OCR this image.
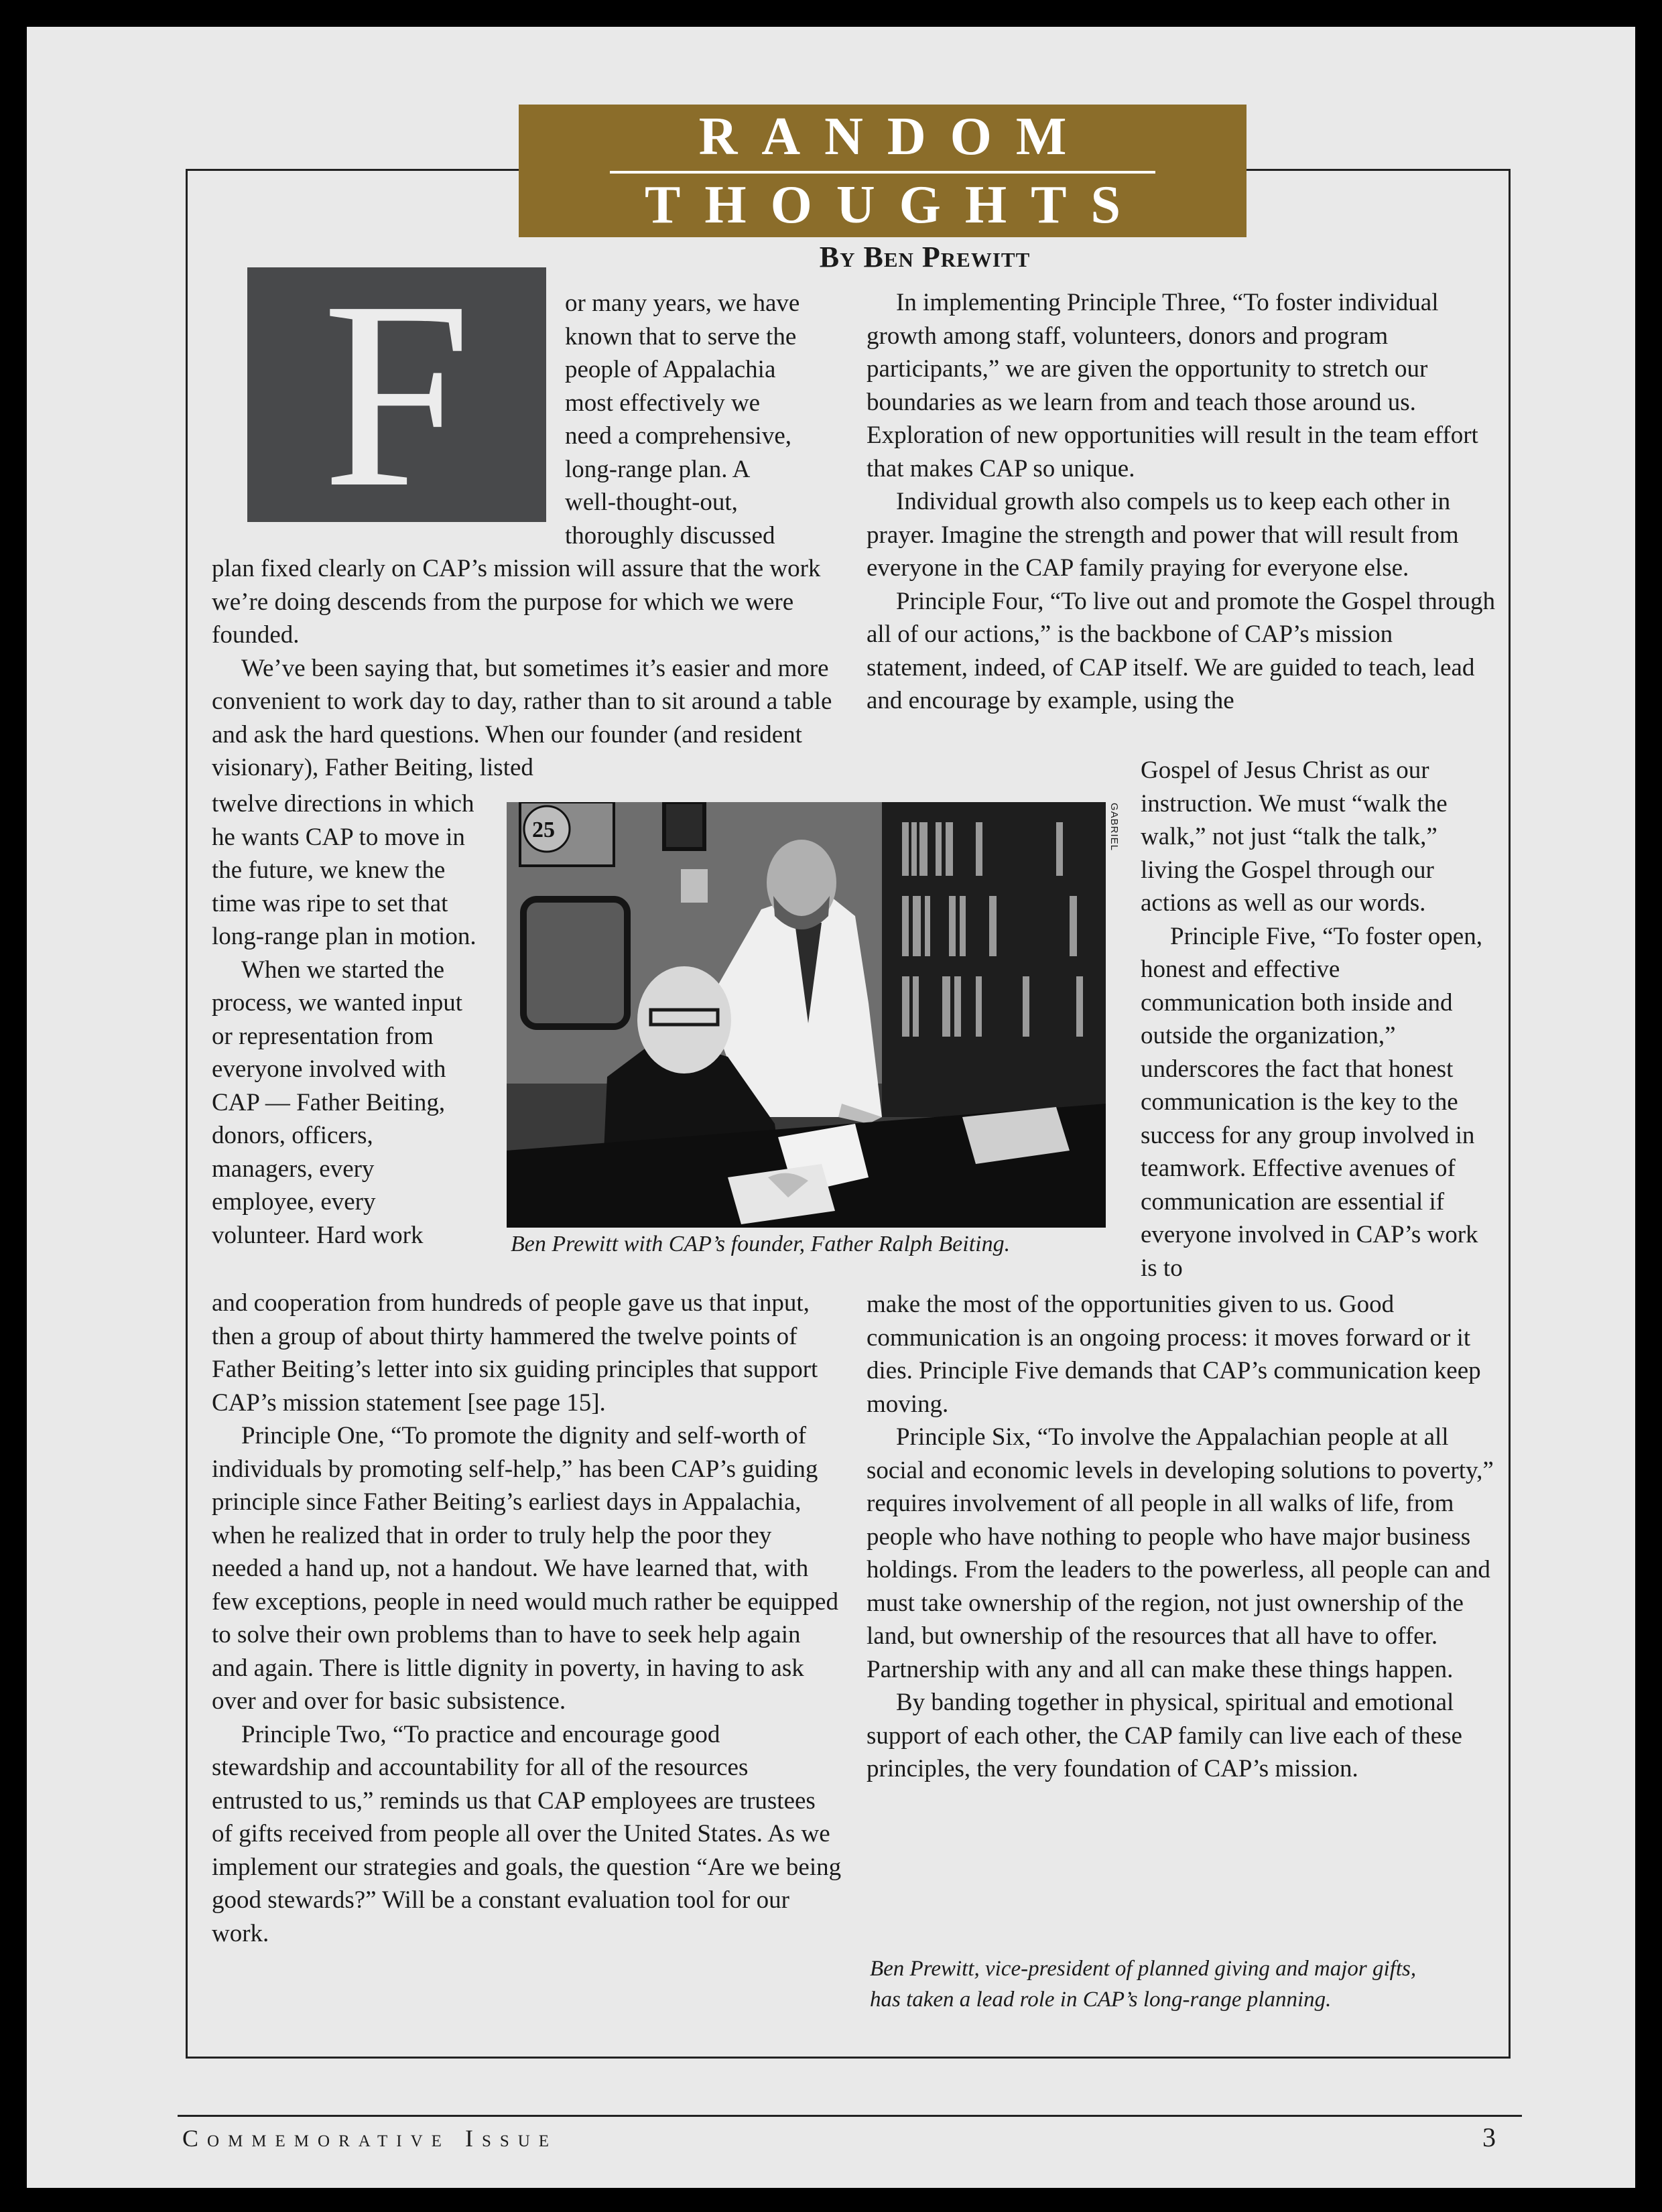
RANDOM
THOUGHTS
By Ben Prewitt
F	or many years, we have

known that to serve the

people of Appalachia

most effectively we

need a comprehensive,

long-range plan. A

well-thought-out,

thoroughly discussed

plan fixed clearly on CAP’s mission will assure that the work we’re doing descends from the purpose for which we were founded.

We’ve been saying that, but sometimes it’s easier and more convenient to work day to day, rather than to sit around a table and ask the hard questions. When our founder (and resident visionary), Father Beiting, listed

twelve directions in which he wants CAP to move in the future, we knew the time was ripe to set that long-range plan in motion.

When we started the process, we wanted input or representation from everyone involved with CAP — Father Beiting, donors, officers, managers, every employee, every volunteer. Hard work

and cooperation from hundreds of people gave us that input, then a group of about thirty hammered the twelve points of Father Beiting’s letter into six guiding principles that support CAP’s mission statement [see page 15].

Principle One, “To promote the dignity and self-worth of individuals by promoting self-help,” has been CAP’s guiding principle since Father Beiting’s earliest days in Appalachia, when he realized that in order to truly help the poor they needed a hand up, not a handout. We have learned that, with few exceptions, people in need would much rather be equipped to solve their own problems than to have to seek help again and again. There is little dignity in poverty, in having to ask over and over for basic subsistence.

Principle Two, “To practice and encourage good stewardship and accountability for all of the resources entrusted to us,” reminds us that CAP employees are trustees of gifts received from people all over the United States. As we implement our strategies and goals, the question “Are we being good stewards?” Will be a constant evaluation tool for our work.

In implementing Principle Three, “To foster individual growth among staff, volunteers, donors and program participants,” we are given the opportunity to stretch our boundaries as we learn from and teach those around us. Exploration of new opportunities will result in the team effort that makes CAP so unique.

Individual growth also compels us to keep each other in prayer. Imagine the strength and power that will result from everyone in the CAP family praying for everyone else.

Principle Four, “To live out and promote the Gospel through all of our actions,” is the backbone of CAP’s mission statement, indeed, of CAP itself. We are guided to teach, lead and encourage by example, using the

Gospel of Jesus Christ as our instruction. We must “walk the walk,” not just “talk the talk,” living the Gospel through our actions as well as our words.

Principle Five, “To foster open, honest and effective communication both inside and outside the organization,” underscores the fact that honest communication is the key to the success for any group involved in teamwork. Effective avenues of communication are essential if everyone involved in CAP’s work is to

make the most of the opportunities given to us. Good communication is an ongoing process: it moves forward or it dies. Principle Five demands that CAP’s communication keep moving.

Principle Six, “To involve the Appalachian people at all social and economic levels in developing solutions to poverty,” requires involvement of all people in all walks of life, from people who have nothing to people who have major business holdings. From the leaders to the powerless, all people can and must take ownership of the region, not just ownership of the land, but ownership of the resources that all have to offer. Partnership with any and all can make these things happen.

By banding together in physical, spiritual and emotional support of each other, the CAP family can live each of these principles, the very foundation of CAP’s mission.

25	GABRIEL
Ben Prewitt with CAP’s founder, Father Ralph Beiting.
Ben Prewitt, vice-president of planned giving and major gifts,
has taken a lead role in CAP’s long-range planning.
Commemorative Issue	3
